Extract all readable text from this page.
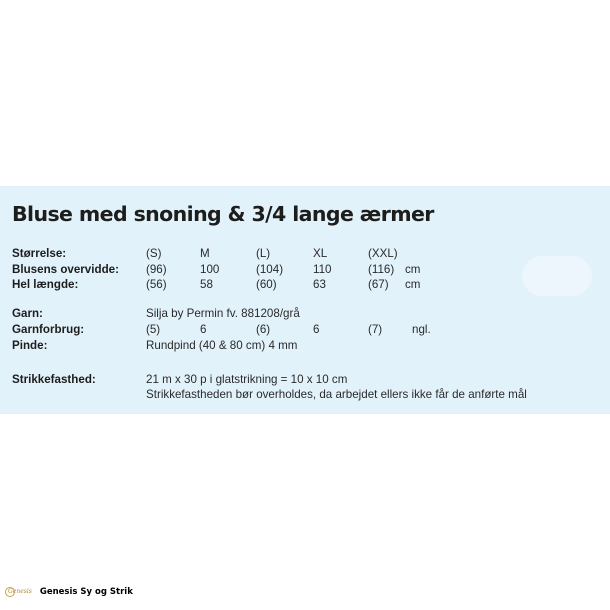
Bluse med snoning & 3/4 lange ærmer
Størrelse:	(S)	M	(L)	XL	(XXL)
Blusens overvidde: (96)	100	(104)	110	(116) cm
Hel længde:	(56)	58	(60)	63	(67) cm
Garn:	Silja by Permin fv. 881208/grå
Garnforbrug:	(5)	6	(6)	6	(7)	ngl.
Pinde:	Rundpind (40 & 80 cm) 4 mm
Strikkefasthed:	21 m x 30 p i glatstrikning = 10 x 10 cm
Strikkefastheden bør overholdes, da arbejdet ellers ikke får de anførte mål
Genesis Genesis Sy og Strik
